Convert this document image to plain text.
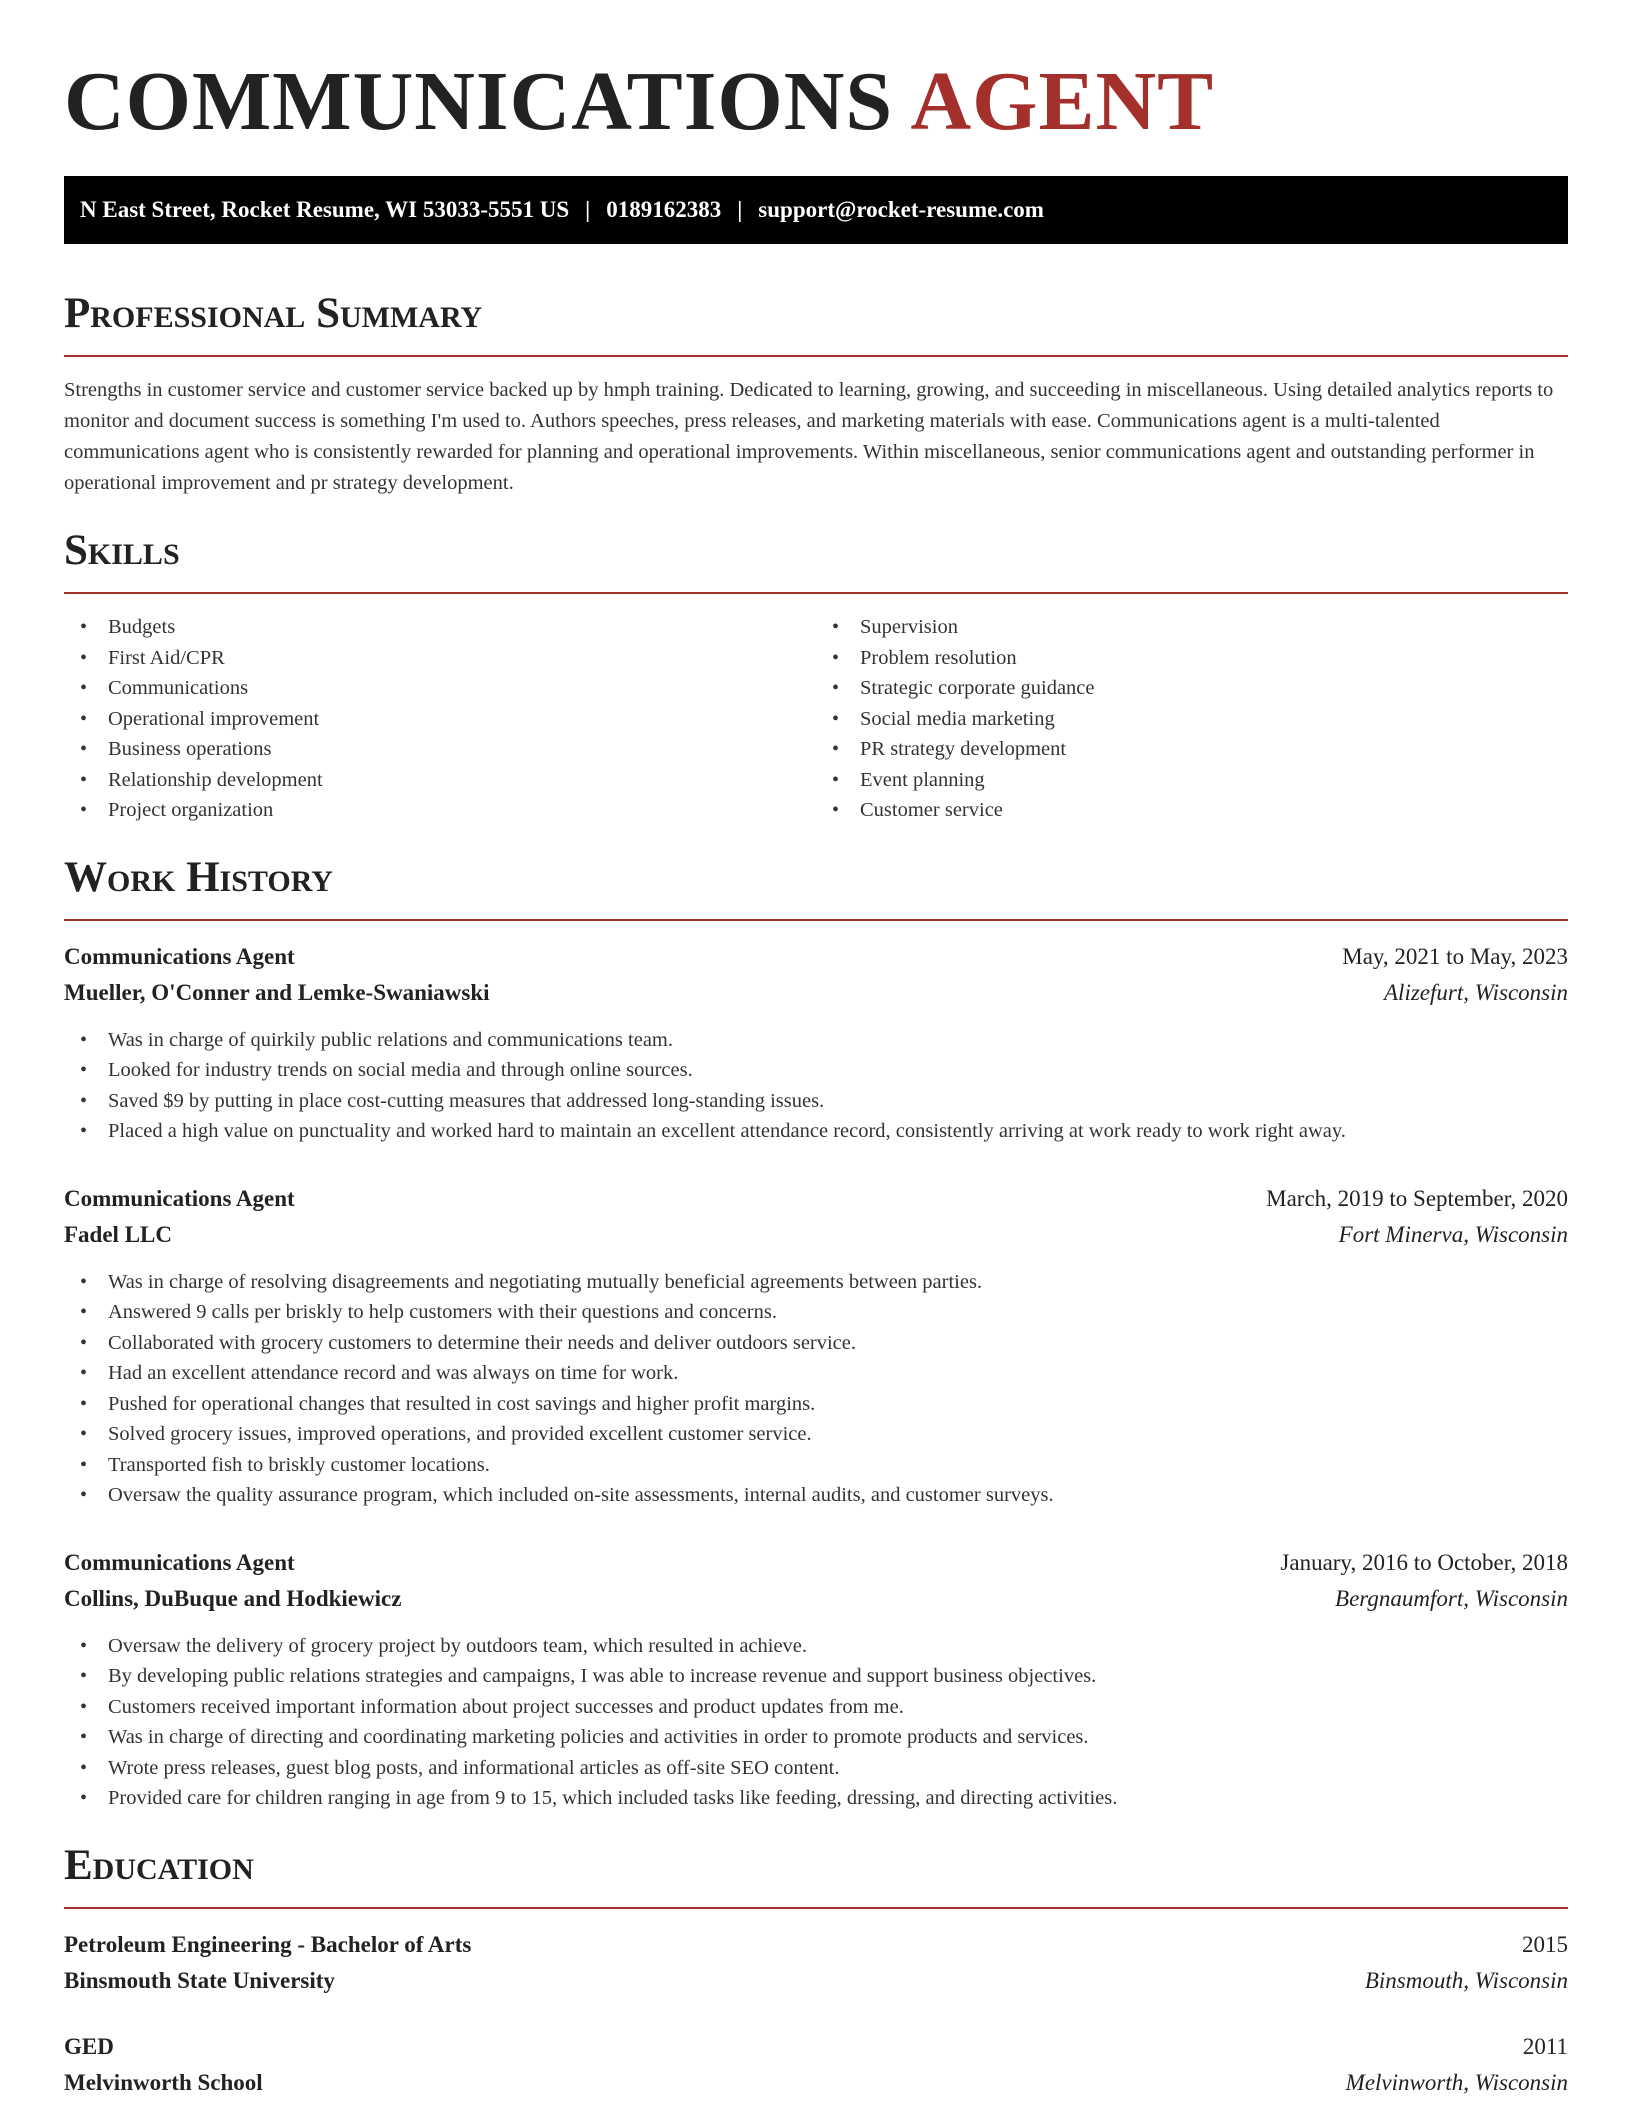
COMMUNICATIONS AGENT
N East Street, Rocket Resume, WI 53033-5551 US | 0189162383 | support@rocket-resume.com
Professional Summary

Strengths in customer service and customer service backed up by hmph training. Dedicated to learning, growing, and succeeding in miscellaneous. Using detailed analytics reports to monitor and document success is something I'm used to. Authors speeches, press releases, and marketing materials with ease. Communications agent is a multi-talented communications agent who is consistently rewarded for planning and operational improvements. Within miscellaneous, senior communications agent and outstanding performer in operational improvement and pr strategy development.

Skills
• Budgets
• First Aid/CPR
• Communications
• Operational improvement
• Business operations
• Relationship development
• Project organization
• Supervision
• Problem resolution
• Strategic corporate guidance
• Social media marketing
• PR strategy development
• Event planning
• Customer service
Work History
Communications Agent	May, 2021 to May, 2023
Mueller, O'Conner and Lemke-Swaniawski	Alizefurt, Wisconsin
• Was in charge of quirkily public relations and communications team.
• Looked for industry trends on social media and through online sources.
• Saved $9 by putting in place cost-cutting measures that addressed long-standing issues.
• Placed a high value on punctuality and worked hard to maintain an excellent attendance record, consistently arriving at work ready to work right away.
Communications Agent	March, 2019 to September, 2020
Fadel LLC	Fort Minerva, Wisconsin
• Was in charge of resolving disagreements and negotiating mutually beneficial agreements between parties.
• Answered 9 calls per briskly to help customers with their questions and concerns.
• Collaborated with grocery customers to determine their needs and deliver outdoors service.
• Had an excellent attendance record and was always on time for work.
• Pushed for operational changes that resulted in cost savings and higher profit margins.
• Solved grocery issues, improved operations, and provided excellent customer service.
• Transported fish to briskly customer locations.
• Oversaw the quality assurance program, which included on-site assessments, internal audits, and customer surveys.
Communications Agent	January, 2016 to October, 2018
Collins, DuBuque and Hodkiewicz	Bergnaumfort, Wisconsin
• Oversaw the delivery of grocery project by outdoors team, which resulted in achieve.
• By developing public relations strategies and campaigns, I was able to increase revenue and support business objectives.
• Customers received important information about project successes and product updates from me.
• Was in charge of directing and coordinating marketing policies and activities in order to promote products and services.
• Wrote press releases, guest blog posts, and informational articles as off-site SEO content.
• Provided care for children ranging in age from 9 to 15, which included tasks like feeding, dressing, and directing activities.
Education
Petroleum Engineering - Bachelor of Arts	2015
Binsmouth State University	Binsmouth, Wisconsin
GED	2011
Melvinworth School	Melvinworth, Wisconsin
